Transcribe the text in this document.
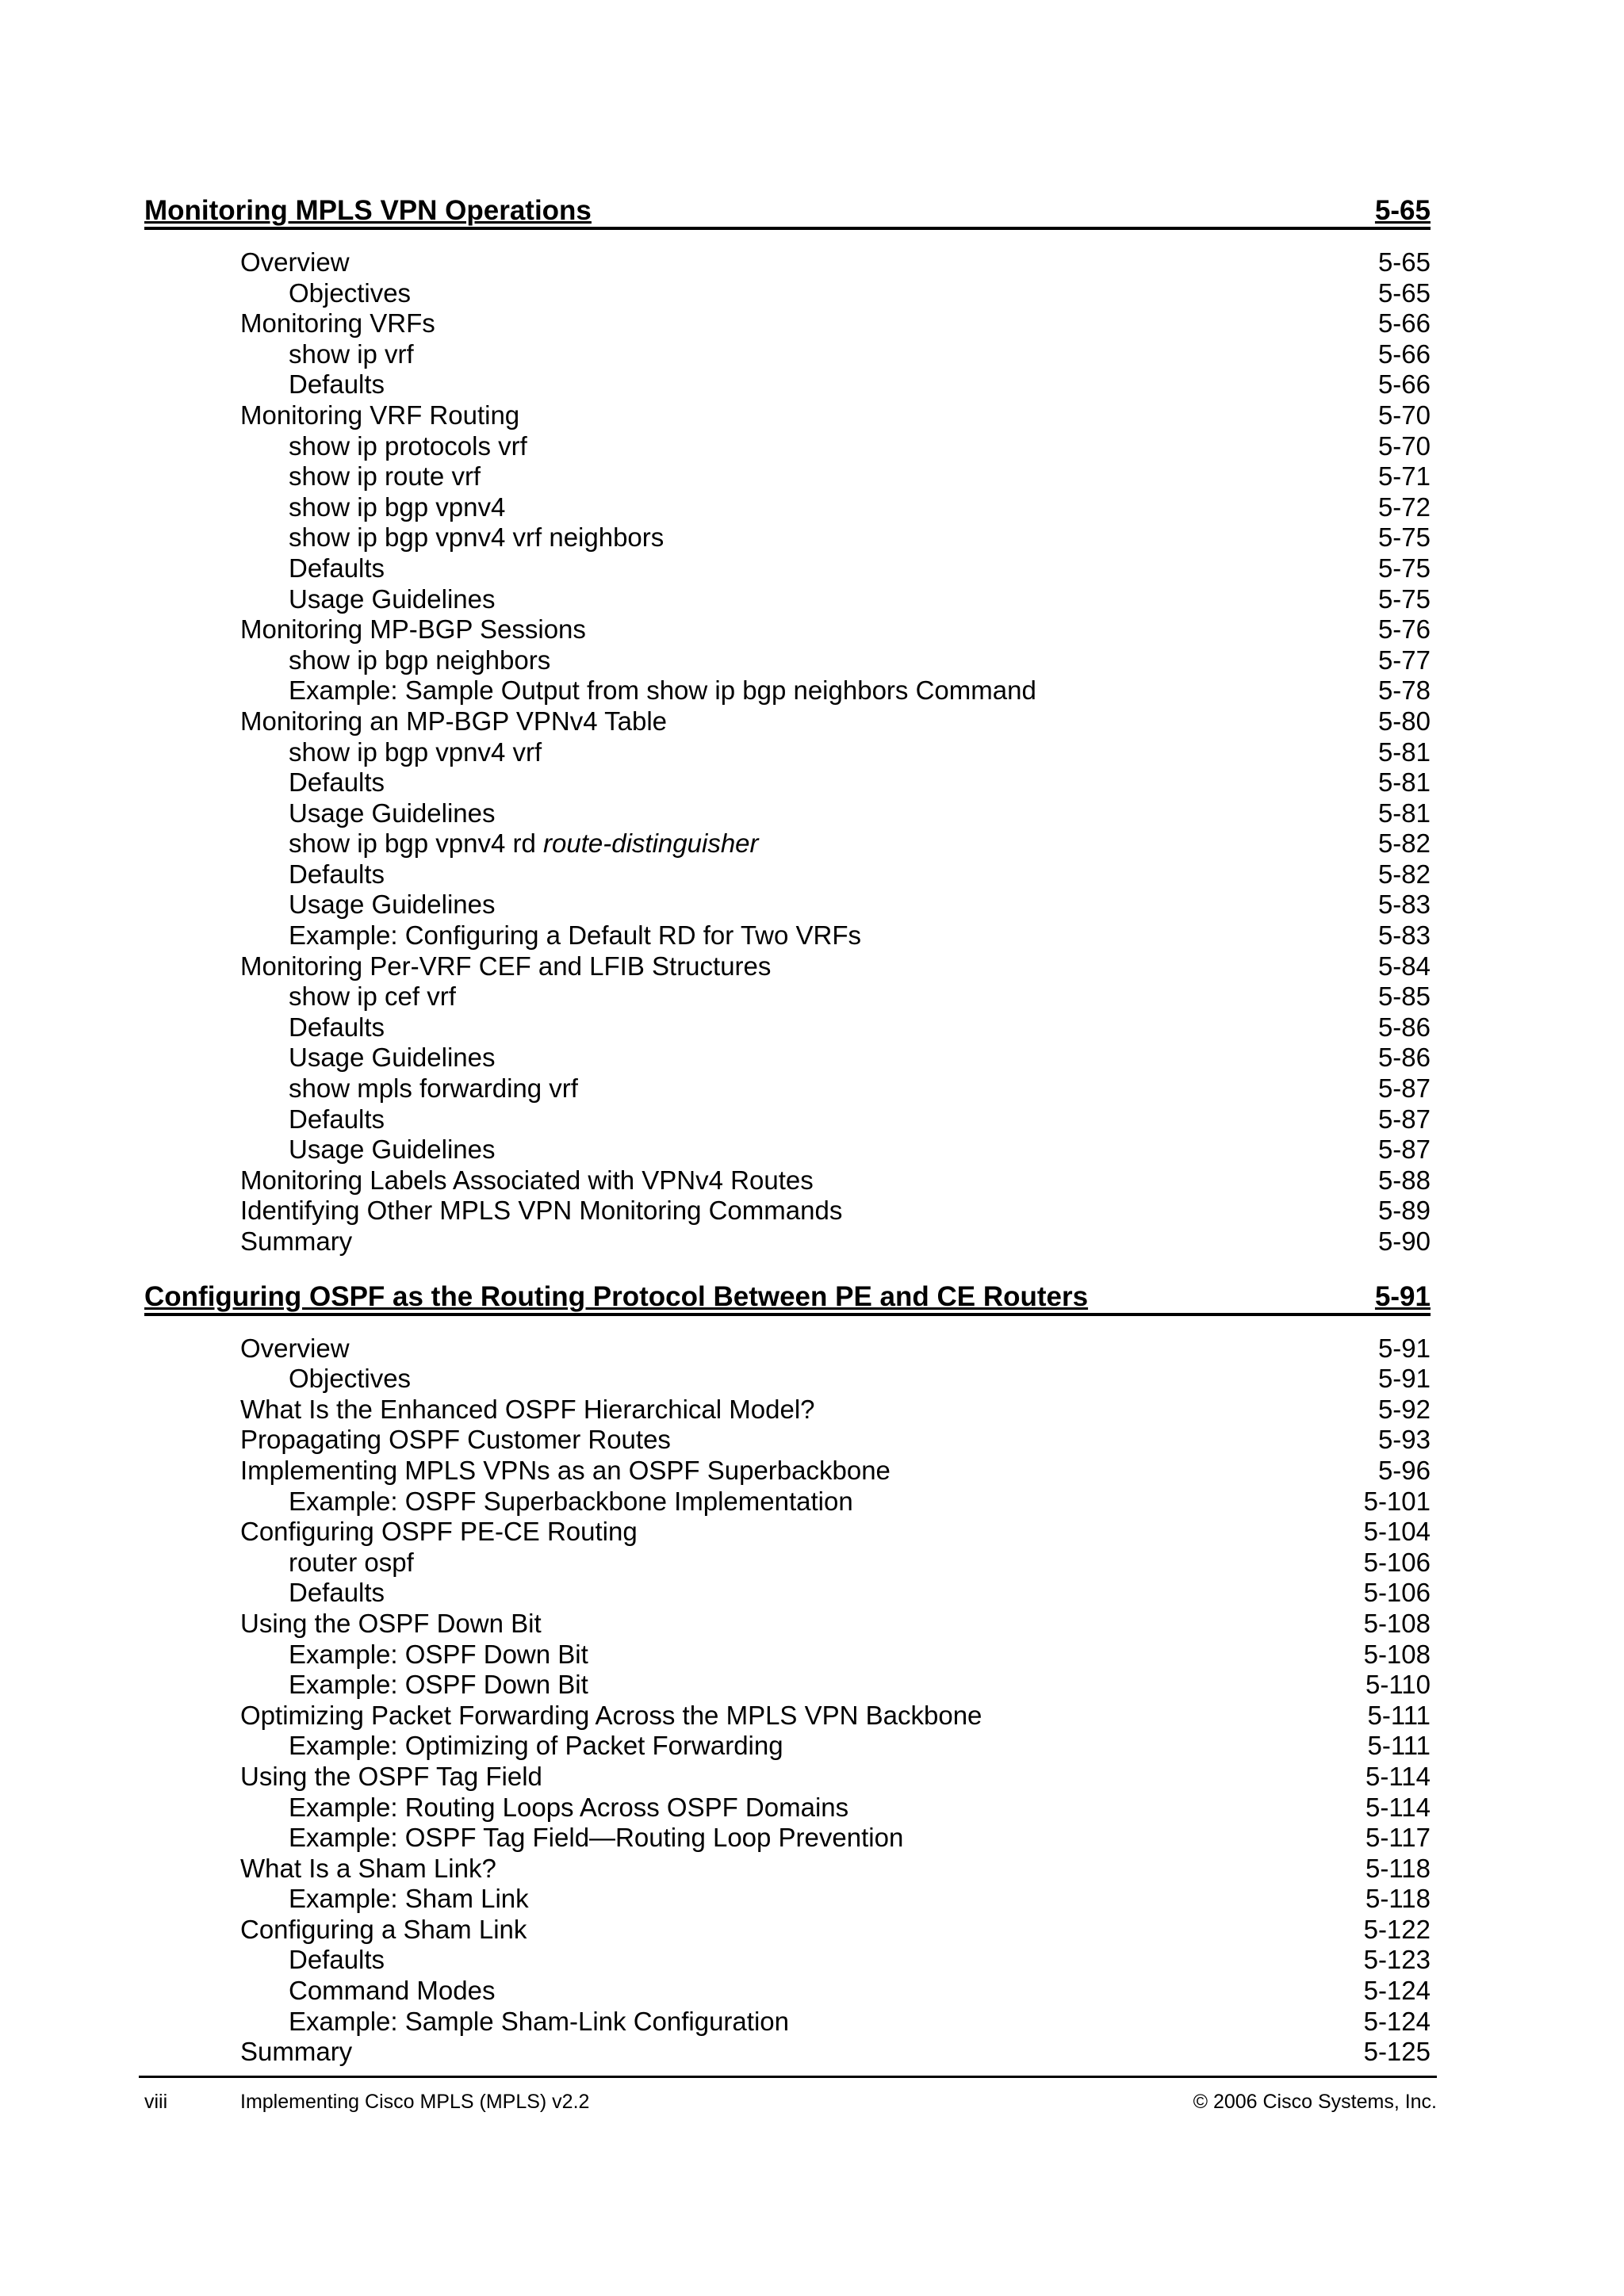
Monitoring MPLS VPN Operations	5-65
Overview	5-65
Objectives	5-65
Monitoring VRFs	5-66
show ip vrf	5-66
Defaults	5-66
Monitoring VRF Routing	5-70
show ip protocols vrf	5-70
show ip route vrf	5-71
show ip bgp vpnv4	5-72
show ip bgp vpnv4 vrf neighbors	5-75
Defaults	5-75
Usage Guidelines	5-75
Monitoring MP-BGP Sessions	5-76
show ip bgp neighbors	5-77
Example: Sample Output from show ip bgp neighbors Command	5-78
Monitoring an MP-BGP VPNv4 Table	5-80
show ip bgp vpnv4 vrf	5-81
Defaults	5-81
Usage Guidelines	5-81
show ip bgp vpnv4 rd route-distinguisher	5-82
Defaults	5-82
Usage Guidelines	5-83
Example: Configuring a Default RD for Two VRFs	5-83
Monitoring Per-VRF CEF and LFIB Structures	5-84
show ip cef vrf	5-85
Defaults	5-86
Usage Guidelines	5-86
show mpls forwarding vrf	5-87
Defaults	5-87
Usage Guidelines	5-87
Monitoring Labels Associated with VPNv4 Routes	5-88
Identifying Other MPLS VPN Monitoring Commands	5-89
Summary	5-90
Configuring OSPF as the Routing Protocol Between PE and CE Routers	5-91
Overview	5-91
Objectives	5-91
What Is the Enhanced OSPF Hierarchical Model?	5-92
Propagating OSPF Customer Routes	5-93
Implementing MPLS VPNs as an OSPF Superbackbone	5-96
Example: OSPF Superbackbone Implementation	5-101
Configuring OSPF PE-CE Routing	5-104
router ospf	5-106
Defaults	5-106
Using the OSPF Down Bit	5-108
Example: OSPF Down Bit	5-108
Example: OSPF Down Bit	5-110
Optimizing Packet Forwarding Across the MPLS VPN Backbone	5-111
Example: Optimizing of Packet Forwarding	5-111
Using the OSPF Tag Field	5-114
Example: Routing Loops Across OSPF Domains	5-114
Example: OSPF Tag Field—Routing Loop Prevention	5-117
What Is a Sham Link?	5-118
Example: Sham Link	5-118
Configuring a Sham Link	5-122
Defaults	5-123
Command Modes	5-124
Example: Sample Sham-Link Configuration	5-124
Summary	5-125
viii	Implementing Cisco MPLS (MPLS) v2.2	© 2006 Cisco Systems, Inc.
